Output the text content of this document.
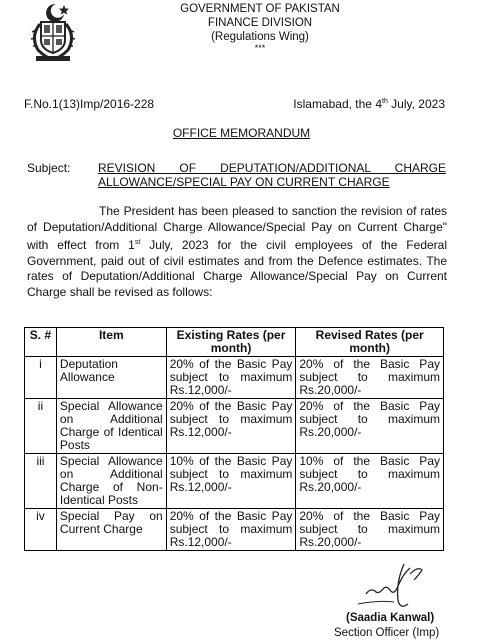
GOVERNMENT OF PAKISTAN
FINANCE DIVISION
(Regulations Wing)
***
F.No.1(13)Imp/2016-228	Islamabad, the 4th July, 2023
OFFICE MEMORANDUM
Subject: REVISION OF DEPUTATION/ADDITIONAL CHARGE ALLOWANCE/SPECIAL PAY ON CURRENT CHARGE
The President has been pleased to sanction the revision of rates
of Deputation/Additional Charge Allowance/Special Pay on Current Charge"
with effect from 1st July, 2023 for the civil employees of the Federal
Government, paid out of civil estimates and from the Defence estimates. The
rates of Deputation/Additional Charge Allowance/Special Pay on Current
Charge shall be revised as follows:
S. #	Item	Existing Rates (per month)	Revised Rates (per month)
i	Deputation Allowance	20% of the Basic Pay subject to maximum Rs.12,000/-	20% of the Basic Pay subject to maximum Rs.20,000/-
ii	Special Allowance on Additional Charge of Identical Posts	20% of the Basic Pay subject to maximum Rs.12,000/-	20% of the Basic Pay subject to maximum Rs.20,000/-
iii	Special Allowance on Additional Charge of Non-Identical Posts	10% of the Basic Pay subject to maximum Rs.12,000/-	10% of the Basic Pay subject to maximum Rs.20,000/-
iv	Special Pay on Current Charge	20% of the Basic Pay subject to maximum Rs.12,000/-	20% of the Basic Pay subject to maximum Rs.20,000/-
(Saadia Kanwal)
Section Officer (Imp)
